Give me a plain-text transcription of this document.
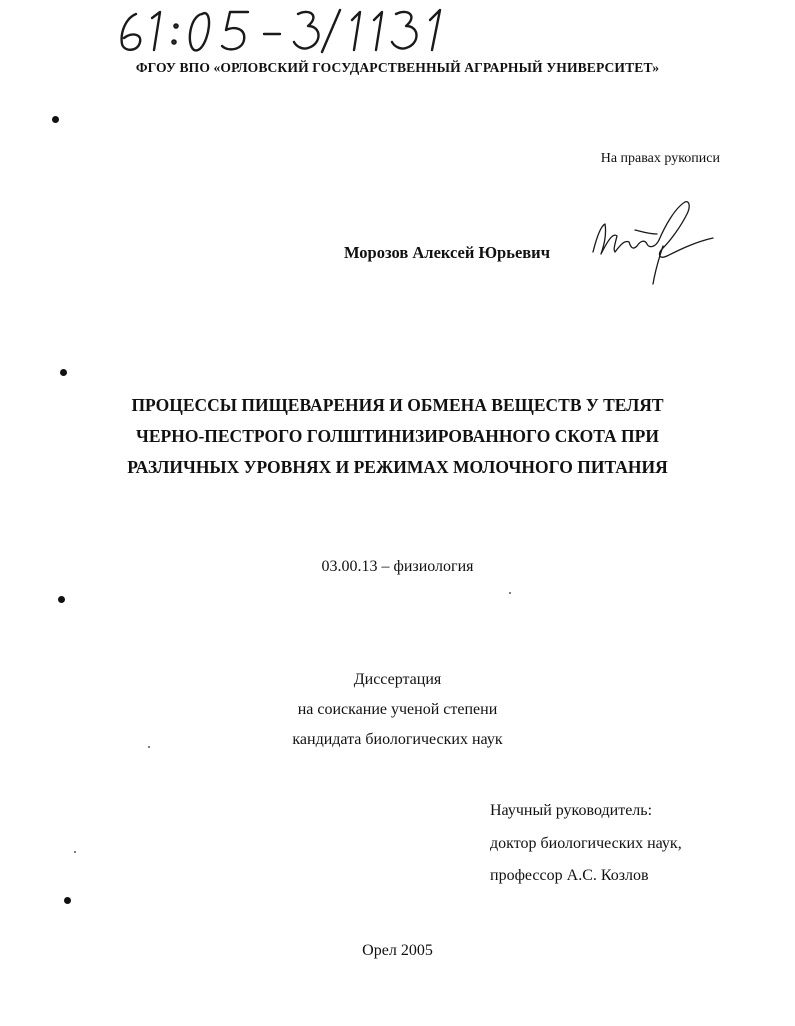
ФГОУ ВПО «ОРЛОВСКИЙ ГОСУДАРСТВЕННЫЙ АГРАРНЫЙ УНИВЕРСИТЕТ»
На правах рукописи
Морозов Алексей Юрьевич
ПРОЦЕССЫ ПИЩЕВАРЕНИЯ И ОБМЕНА ВЕЩЕСТВ У ТЕЛЯТ
ЧЕРНО-ПЕСТРОГО ГОЛШТИНИЗИРОВАННОГО СКОТА ПРИ
РАЗЛИЧНЫХ УРОВНЯХ И РЕЖИМАХ МОЛОЧНОГО ПИТАНИЯ
03.00.13 – физиология
Диссертация
на соискание ученой степени
кандидата биологических наук
Научный руководитель:
доктор биологических наук,
профессор А.С. Козлов
Орел 2005
